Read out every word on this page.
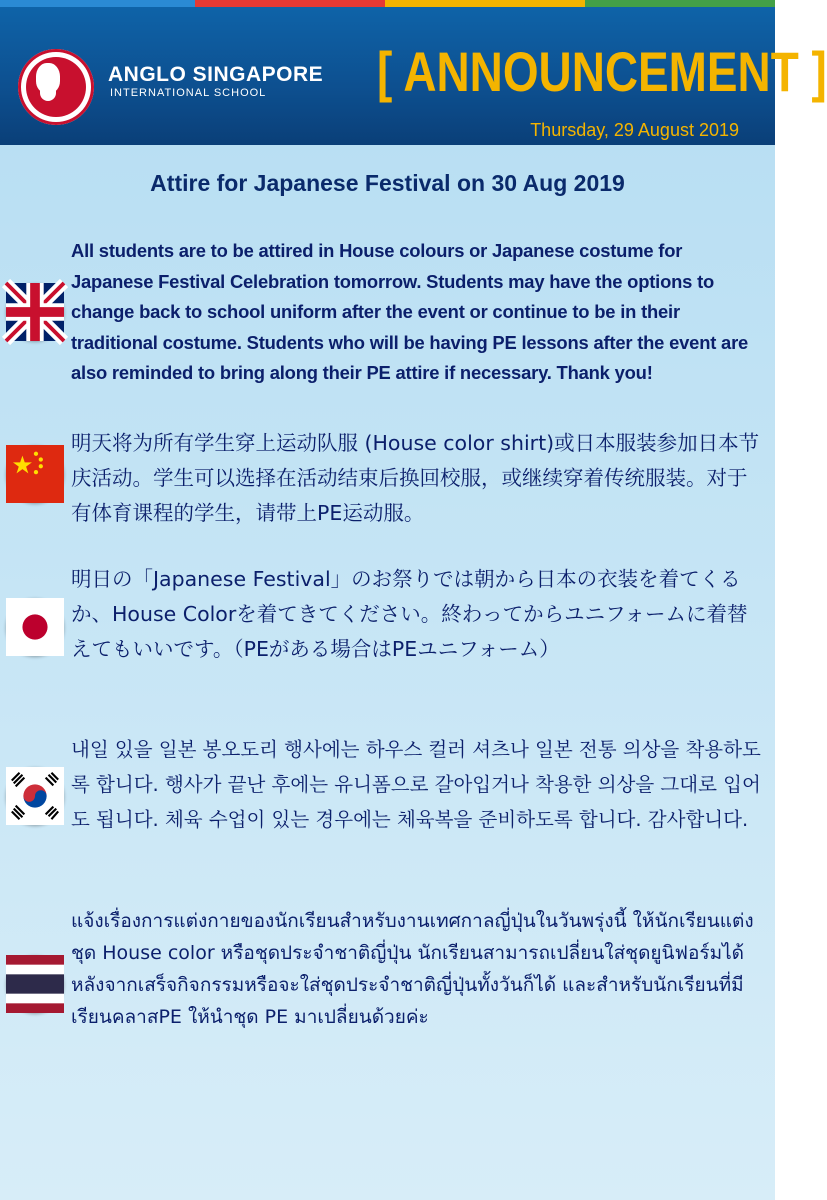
ANGLO SINGAPORE
INTERNATIONAL SCHOOL [ ANNOUNCEMENT ]
Thursday, 29 August 2019
Attire for Japanese Festival on 30 Aug 2019
All students are to be attired in House colours or Japanese costume for Japanese Festival Celebration tomorrow. Students may have the options to change back to school uniform after the event or continue to be in their traditional costume. Students who will be having PE lessons after the event are also reminded to bring along their PE attire if necessary. Thank you!
明天将为所有学生穿上运动队服 (House color shirt)或日本服装参加日本节庆活动。学生可以选择在活动结束后换回校服，或继续穿着传统服装。对于有体育课程的学生，请带上PE运动服。
明日の「Japanese Festival」のお祭りでは朝から日本の衣装を着てくるか、House Colorを着てきてください。終わってからユニフォームに着替えてもいいです。（PEがある場合はPEユニフォーム）
내일 있을 일본 봉오도리 행사에는 하우스 컬러 셔츠나 일본 전통 의상을 착용하도록 합니다. 행사가 끝난 후에는 유니폼으로 갈아입거나 착용한 의상을 그대로 입어도 됩니다. 체육 수업이 있는 경우에는 체육복을 준비하도록 합니다. 감사합니다.
แจ้งเรื่องการแต่งกายของนักเรียนสำหรับงานเทศกาลญี่ปุ่นในวันพรุ่งนี้ ให้นักเรียนแต่งชุด House color หรือชุดประจำชาติญี่ปุ่น นักเรียนสามารถเปลี่ยนใส่ชุดยูนิฟอร์มได้หลังจากเสร็จกิจกรรมหรือจะใส่ชุดประจำชาติญี่ปุ่นทั้งวันก็ได้ และสำหรับนักเรียนที่มีเรียนคลาสPE ให้นำชุด PE มาเปลี่ยนด้วยค่ะ
